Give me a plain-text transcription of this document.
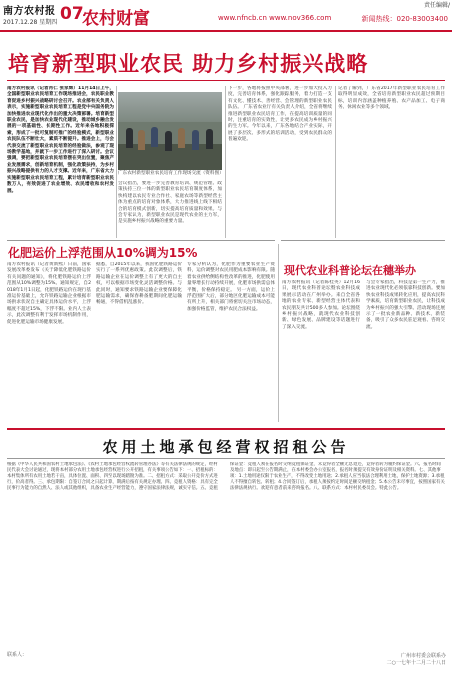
南方农村报
2017.12.28 星期四 07
农村财富	www.nfncb.cn www.nov366.com
责任编辑/
新闻热线：020-83003400
培育新型职业农民 助力乡村振兴战略
南方农村报讯（记者肖仁 张家辉）11月14日上午，全国新型职业农民培育工作现场推进会，农民职业教育促进乡村振兴战略研讨会召开。农业部有关负责人表示，实施新型职业农民培育工程是党中央国务院为加快推进农业现代化作出的重大决策部署。培育新型职业农民，是加快农业现代化建设，推动城乡融合发展的一项基础性、长期性工作。近年来各地积极探索，形成了一批可复制可推广的经验模式，新型职业农民队伍不断壮大，素质不断提升。推进会上，与会代表交流了新型职业农民培育的经验做法，参观了现场教学基地，并就下一步工作进行了深入研讨。会议强调，要把新型职业农民培育摆在突出位置，聚焦产业发展需求，创新培育机制，强化政策扶持，为乡村振兴战略提供有力的人才支撑。近年来，广东省大力实施新型职业农民培育工程，累计培育新型职业农民数万人，有效促进了农业增效、农民增收和农村发展。
广东农村新型职业农民培育工作现场交流（资料图）
会议指出，要进一步完善教育培训、规范管理、政策扶持三位一体的新型职业农民培育制度体系，加快构建以农民专业合作社、家庭农场等新型经营主体为重点的培育对象体系，大力推进线上线下相结合的培育模式创新，切实提高培育质量和效果。与会专家认为，新型职业农民是现代农业的主力军，是实施乡村振兴战略的重要力量。
下一步，各地将按照中央部署，进一步加大投入力度，完善培育体系，强化跟踪服务，着力打造一支有文化、懂技术、善经营、会管理的新型职业农民队伍。 广东省农业厅有关负责人介绍，全省将继续推进新型职业农民培育工作，在提高培训质量的同时，注重培育的实效性，让更多农民成为乡村振兴的生力军。今年以来，广东各地结合产业实际，开展了多层次、多形式的培训活动，受到农民群众的普遍欢迎。
记者了解到，广东省2017年新型职业农民培育工作取得明显成效，全省培育新型职业农民超过预期目标，培训内容涵盖种植养殖、农产品加工、电子商务、休闲农业等多个领域。
化肥运价上浮范围从10%调为15%
南方农村报讯（记者黄新熙）日前，国家发展改革委发布《关于降低化肥铁路运价有关问题的通知》，将化肥铁路运价上浮范围从10%调整为15%。通知规定，自2018年1月1日起，化肥铁路运价在现行基准运价基础上，允许铁路运输企业根据市场供求状况自主确定具体运价水平，上浮幅度不超过15%，下浮不限。业内人士表示，此次调整有利于发挥市场机制作用，促进化肥运输市场健康发展。
据悉，自2015年以来，我国化肥铁路运价实行了一系列优惠政策。此次调整后，铁路运输企业在运价调整上有了更大的自主权，可以根据市场变化灵活调整价格。与此同时，通知要求铁路运输企业要保障化肥运输需求，确保春耕备肥期间化肥运输畅通，不得借机乱涨价。
专家分析认为，化肥作为重要农业生产资料，运价调整对农民用肥成本影响有限。随着农业供给侧结构性改革的推进，化肥使用量零增长行动持续开展，化肥市场供需总体平衡，价格保持稳定。 另一方面，运价上浮范围扩大后，部分地区化肥运输成本可能有所上升，相关部门将密切关注市场动态，加强价格监管，维护农民合法权益。
现代农业科普论坛在穗举办
南方农村报讯（记者陈桂英）12月16日，现代农业科普论坛暨农业科技成果展示活动在广州举办。来自全省各地的农业专家、新型经营主体代表和农民朋友共计500多人参加。论坛围绕乡村振兴战略，就现代农业科技创新、绿色发展、品牌建设等话题进行了深入交流。
与会专家指出，科技是第一生产力，推进农业现代化必须依靠科技创新。要加快农业科技成果转化应用，提高农民科学素质，培育新型职业农民，让科技成为乡村振兴的强大引擎。活动现场还展示了一批农业新品种、新技术、新装备，吸引了众多农民驻足观看、咨询交流。
农用土地承包经营权招租公告
根据《中华人民共和国农村土地承包法》、《农村土地承包经营权流转管理办法》等有关法律法规的规定，经村民代表大会讨论通过，现将本村部分农用土地承包经营权进行公开招租，有关事项公告如下：一、招租标的：本村集体所有农用土地若干亩，具体位置、面积、四至以现场踏勘为准。二、招租方式：采取公开竞价方式进行，价高者得。三、承包期限：自签订合同之日起计算，期满后按有关规定办理。四、竞租人资格：具有完全民事行为能力的自然人、法人或其他组织，具备农业生产经营能力，遵守国家法律法规，诚实守信。五、竞租保证金：竞租人须在报名时交纳竞租保证金，未竞得者全额无息退还，竞得者转为履约保证金。六、报名时间及地点：即日起至公告期满止，在本村委会办公室报名，报名时须提交有效身份证明及相关资料。七、其他事项：1.土地用途仅限于农业生产，不得改变土地用途；2.承租人应当依法合理利用土地，保护土地资源；3.承租人不得擅自转包、转租；4.合同签订后，承租人须按约定时间足额交纳租金；5.本公告未尽事宜，按照国家有关法律法规执行。欢迎有意者前来咨询报名。八、联系方式：本村村民委员会。特此公告。
联系人：	广州市村委会联系办
二○一七年十二月二十八日
